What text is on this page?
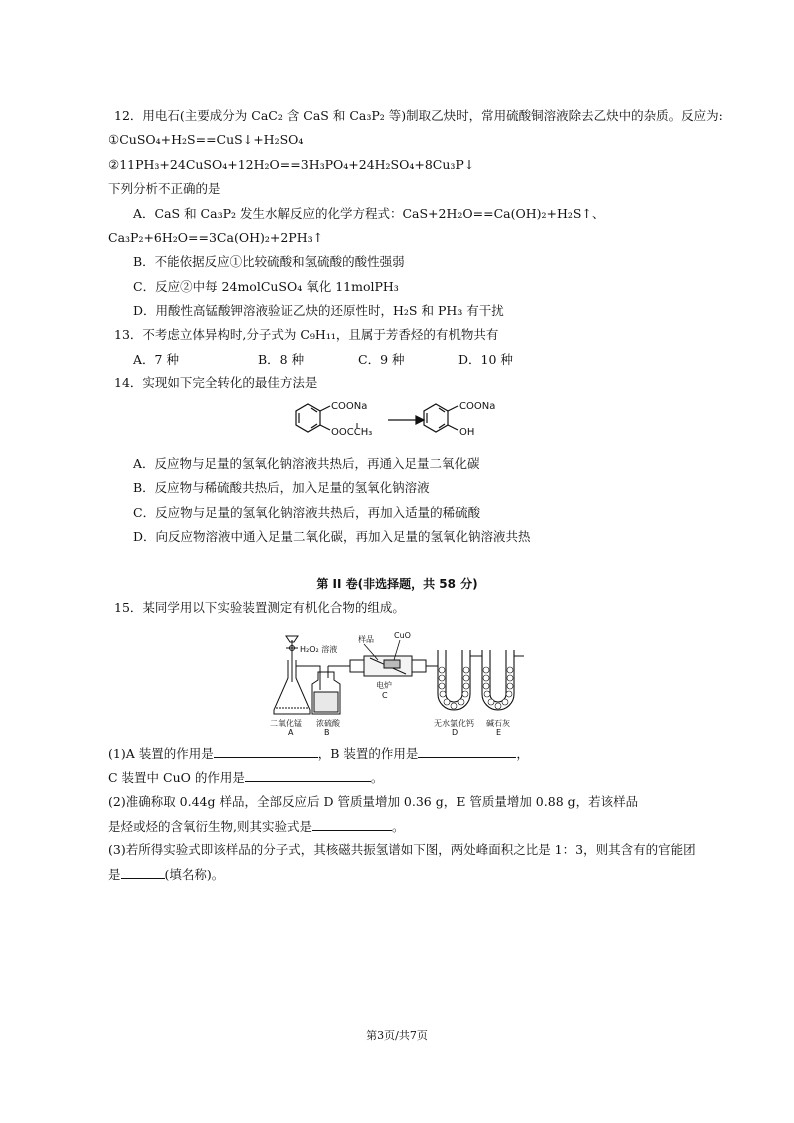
12．用电石(主要成分为 CaC₂ 含 CaS 和 Ca₃P₂ 等)制取乙炔时，常用硫酸铜溶液除去乙炔中的杂质。反应为:
①CuSO₄+H₂S==CuS↓+H₂SO₄
②11PH₃+24CuSO₄+12H₂O==3H₃PO₄+24H₂SO₄+8Cu₃P↓
下列分析不正确的是
A．CaS 和 Ca₃P₂ 发生水解反应的化学方程式：CaS+2H₂O==Ca(OH)₂+H₂S↑、
Ca₃P₂+6H₂O==3Ca(OH)₂+2PH₃↑
B．不能依据反应①比较硫酸和氢硫酸的酸性强弱
C．反应②中每 24molCuSO₄ 氧化 11molPH₃
D．用酸性高锰酸钾溶液验证乙炔的还原性时，H₂S 和 PH₃ 有干扰
13．不考虑立体异构时,分子式为 C₉H₁₁，且属于芳香烃的有机物共有
A．7 种	B．8 种	C．9 种	D．10 种
14．实现如下完全转化的最佳方法是
COONa
OOCCH₃
COONa
OH
A．反应物与足量的氢氧化钠溶液共热后，再通入足量二氧化碳
B．反应物与稀硫酸共热后，加入足量的氢氧化钠溶液
C．反应物与足量的氢氧化钠溶液共热后，再加入适量的稀硫酸
D．向反应物溶液中通入足量二氧化碳，再加入足量的氢氧化钠溶液共热
第 II 卷(非选择题，共 58 分)
15．某同学用以下实验装置测定有机化合物的组成。
H₂O₂ 溶液
样品	CuO
电炉
C
二氧化锰
A
浓硫酸
B
无水氯化钙
D
碱石灰
E
(1)A 装置的作用是	，B 装置的作用是	，
C 装置中 CuO 的作用是	。
(2)准确称取 0.44g 样品，全部反应后 D 管质量增加 0.36 g，E 管质量增加 0.88 g，若该样品
是烃或烃的含氧衍生物,则其实验式是	。
(3)若所得实验式即该样品的分子式，其核磁共振氢谱如下图，两处峰面积之比是 1：3，则其含有的官能团
是	(填名称)。
第3页/共7页
